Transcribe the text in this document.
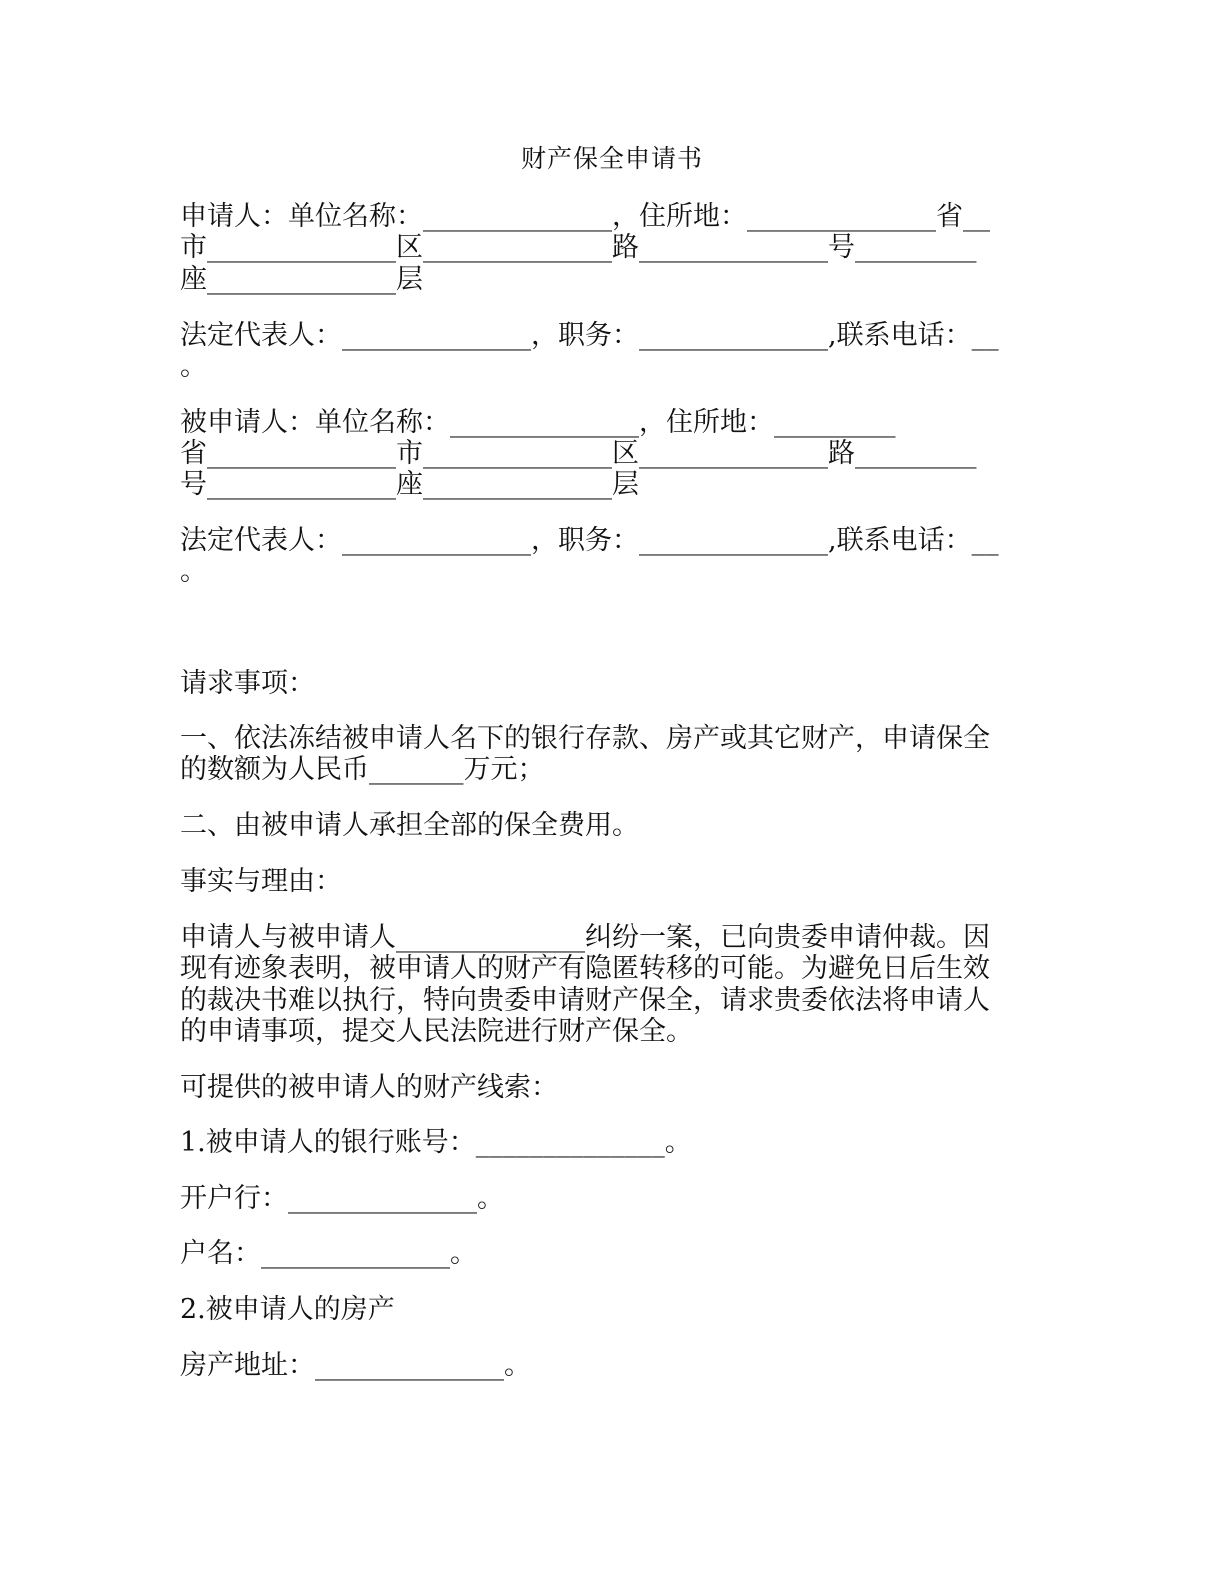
财产保全申请书
申请人：单位名称：______________，住所地：______________省__
市______________区______________路______________号_________
座______________层
法定代表人：______________，职务：______________,联系电话：__
。
被申请人：单位名称：______________，住所地：_________
省______________市______________区______________路_________
号______________座______________层
法定代表人：______________，职务：______________,联系电话：__
。
请求事项：
一、依法冻结被申请人名下的银行存款、房产或其它财产，申请保全
的数额为人民币_______万元；
二、由被申请人承担全部的保全费用。
事实与理由：
申请人与被申请人______________纠纷一案，已向贵委申请仲裁。因
现有迹象表明，被申请人的财产有隐匿转移的可能。为避免日后生效
的裁决书难以执行，特向贵委申请财产保全，请求贵委依法将申请人
的申请事项，提交人民法院进行财产保全。
可提供的被申请人的财产线索：
1.被申请人的银行账号：______________。
开户行：______________。
户名：______________。
2.被申请人的房产
房产地址：______________。
